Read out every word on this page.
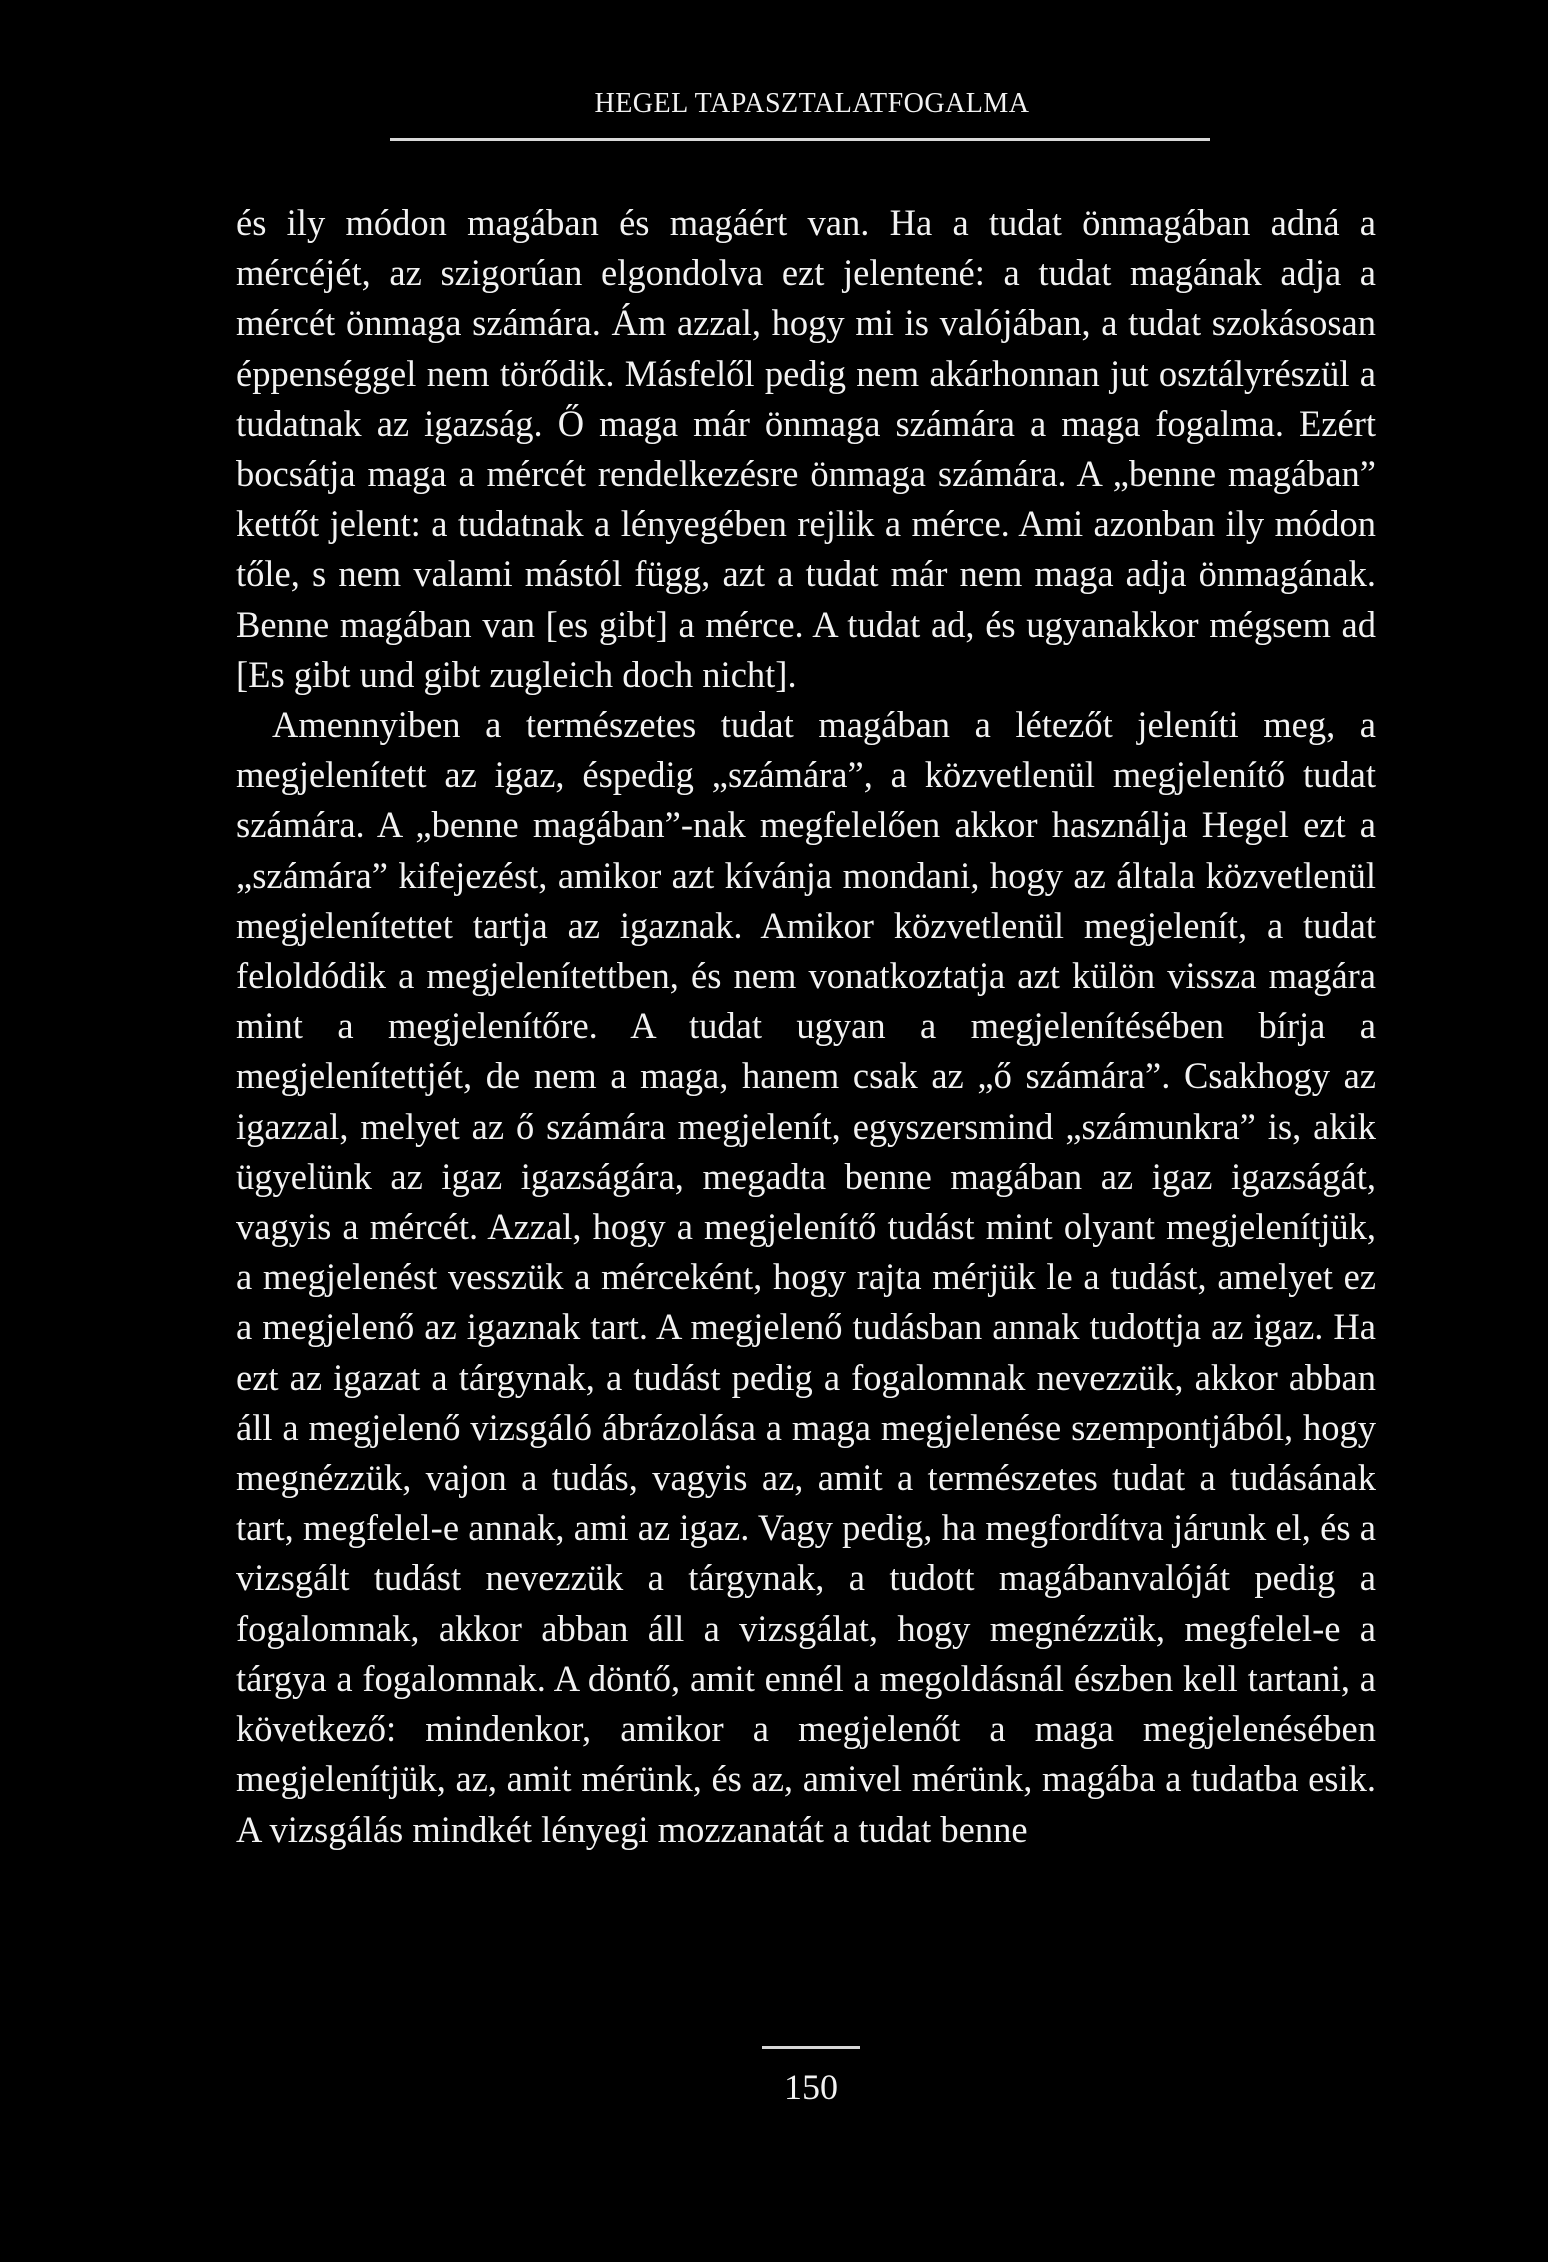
HEGEL TAPASZTALATFOGALMA

és ily módon magában és magáért van. Ha a tudat önmagában adná a mércéjét, az szigorúan elgondolva ezt jelentené: a tudat magának adja a mércét önmaga számára. Ám azzal, hogy mi is valójában, a tudat szokásosan éppenséggel nem törődik. Másfelől pedig nem akárhonnan jut osztályrészül a tudatnak az igazság. Ő maga már önmaga számára a maga fogalma. Ezért bocsátja maga a mércét rendelkezésre önmaga számára. A „benne magában” kettőt jelent: a tudatnak a lényegében rejlik a mérce. Ami azonban ily módon tőle, s nem valami mástól függ, azt a tudat már nem maga adja önmagának. Benne magában van [es gibt] a mérce. A tudat ad, és ugyanakkor mégsem ad [Es gibt und gibt zugleich doch nicht].

Amennyiben a természetes tudat magában a létezőt jeleníti meg, a megjelenített az igaz, éspedig „számára”, a közvetlenül megjelenítő tudat számára. A „benne magában”-nak megfelelően akkor használja Hegel ezt a „számára” kifejezést, amikor azt kívánja mondani, hogy az általa közvetlenül megjelenítettet tartja az igaznak. Amikor közvetlenül megjelenít, a tudat feloldódik a megjelenítettben, és nem vonatkoztatja azt külön vissza magára mint a megjelenítőre. A tudat ugyan a megjelenítésében bírja a megjelenítettjét, de nem a maga, hanem csak az „ő számára”. Csakhogy az igazzal, melyet az ő számára megjelenít, egyszersmind „számunkra” is, akik ügyelünk az igaz igazságára, megadta benne magában az igaz igazságát, vagyis a mércét. Azzal, hogy a megjelenítő tudást mint olyant megjelenítjük, a megjelenést vesszük a mérceként, hogy rajta mérjük le a tudást, amelyet ez a megjelenő az igaznak tart. A megjelenő tudásban annak tudottja az igaz. Ha ezt az igazat a tárgynak, a tudást pedig a fogalomnak nevezzük, akkor abban áll a megjelenő vizsgáló ábrázolása a maga megjelenése szempontjából, hogy megnézzük, vajon a tudás, vagyis az, amit a természetes tudat a tudásának tart, megfelel-e annak, ami az igaz. Vagy pedig, ha megfordítva járunk el, és a vizsgált tudást nevezzük a tárgynak, a tudott magábanvalóját pedig a fogalomnak, akkor abban áll a vizsgálat, hogy megnézzük, megfelel-e a tárgya a fogalomnak. A döntő, amit ennél a megoldásnál észben kell tartani, a következő: mindenkor, amikor a megjelenőt a maga megjelenésében megjelenítjük, az, amit mérünk, és az, amivel mérünk, magába a tudatba esik. A vizsgálás mindkét lényegi mozzanatát a tudat benne

150
